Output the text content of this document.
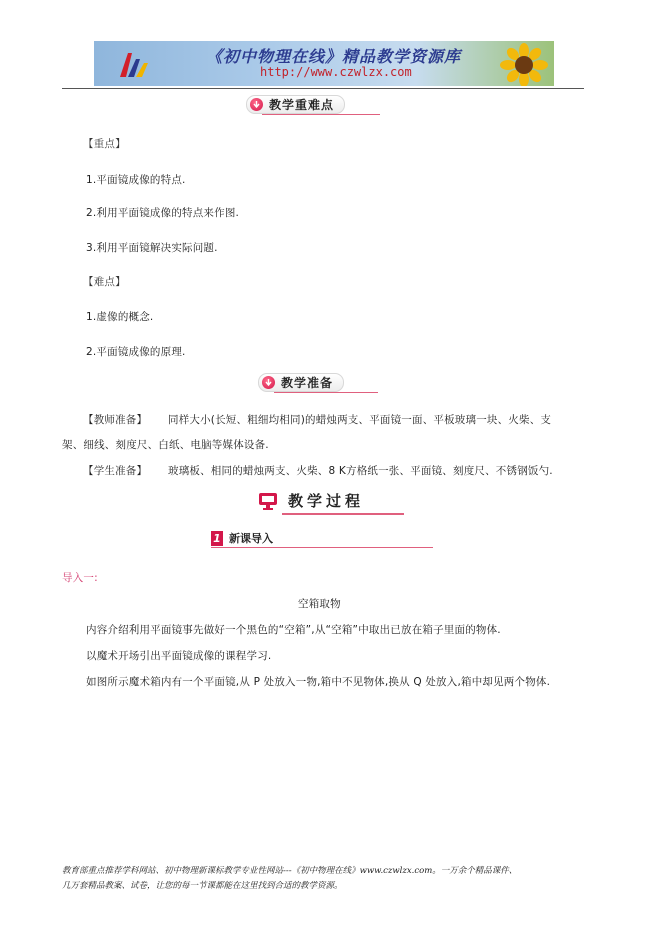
《初中物理在线》精品教学资源库
http://www.czwlzx.com
教学重难点
【重点】
1.平面镜成像的特点.
2.利用平面镜成像的特点来作图.
3.利用平面镜解决实际问题.
【难点】
1.虚像的概念.
2.平面镜成像的原理.
教学准备
【教师准备】 同样大小(长短、粗细均相同)的蜡烛两支、平面镜一面、平板玻璃一块、火柴、支
架、细线、刻度尺、白纸、电脑等媒体设备.
【学生准备】 玻璃板、相同的蜡烛两支、火柴、8 K方格纸一张、平面镜、刻度尺、不锈钢饭勺.
教学过程
1 新课导入
导入一:
空箱取物
内容介绍利用平面镜事先做好一个黑色的“空箱”,从“空箱”中取出已放在箱子里面的物体.
以魔术开场引出平面镜成像的课程学习.
如图所示魔术箱内有一个平面镜,从 P 处放入一物,箱中不见物体,换从 Q 处放入,箱中却见两个物体.
教育部重点推荐学科网站、初中物理新课标教学专业性网站---《初中物理在线》www.czwlzx.com。一万余个精品课件、
几万套精品教案、试卷，让您的每一节课都能在这里找到合适的教学资源。
